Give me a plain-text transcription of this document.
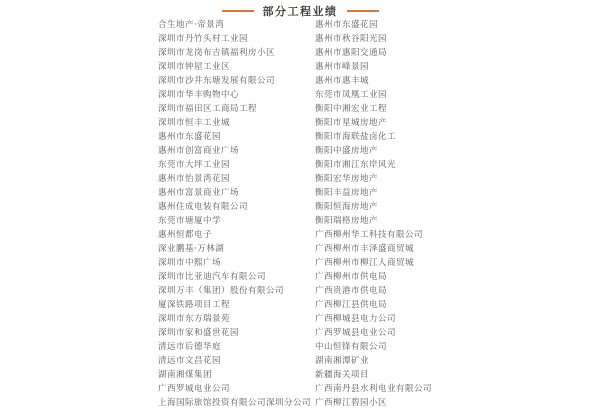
部分工程业绩
合生地产·帝景湾
深圳市丹竹头村工业园
深圳市龙岗布吉镇福利房小区
深圳市钟屋工业区
深圳市沙井东塘发展有限公司
深圳市华丰购物中心
深圳市福田区工商局工程
深圳市恒丰工业城
惠州市东盛花园
惠州市创富商业广场
东莞市大坪工业园
惠州市怡景湾花园
惠州市富景商业广场
惠州住成电装有限公司
东莞市塘厦中学
惠州恒都电子
深业鹏基·万林湖
深圳市中熙广场
深圳市比亚迪汽车有限公司
深圳万丰（集团）股份有限公司
厦深铁路项目工程
深圳市东方瑞景苑
深圳市家和盛世花园
清远市后德华庭
清远市文昌花园
湖南湘煤集团
广西罗城电业公司
上海国际旅馆投资有限公司深圳分公司
惠州市东盛花园
惠州市秋谷阳光园
惠州市惠阳交通局
惠州市峰景园
惠州市惠丰城
东莞市凤凰工业园
衡阳中湘宏业工程
衡阳市星城房地产
衡阳市海联盐卤化工
衡阳中盛房地产
衡阳市湘江东岸风光
衡阳宏华房地产
衡阳丰益房地产
衡阳恒海房地产
衡阳瑞格房地产
广西柳州华工科技有限公司
广西柳州市丰泽盛商贸城
广西柳州市柳江人商贸城
广西柳州市供电局
广西贵港市供电局
广西柳江县供电局
广西柳城县电力公司
广西罗城县电业公司
中山恒锋有限公司
湖南湘潭矿业
新疆海关项目
广西南丹县水利电业有限公司
广西柳江碧园小区
